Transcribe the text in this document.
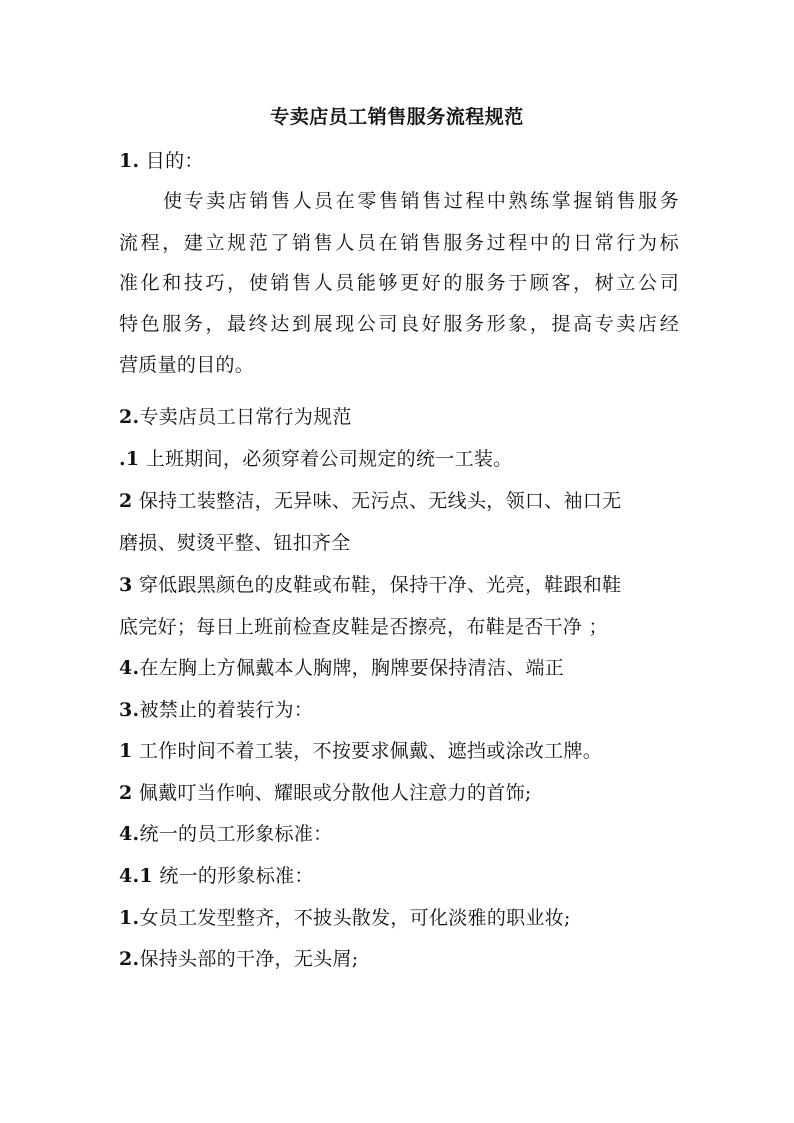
专卖店员工销售服务流程规范
1. 目的：
使专卖店销售人员在零售销售过程中熟练掌握销售服务
流程，建立规范了销售人员在销售服务过程中的日常行为标
准化和技巧，使销售人员能够更好的服务于顾客，树立公司
特色服务，最终达到展现公司良好服务形象，提高专卖店经
营质量的目的。
2.专卖店员工日常行为规范
.1 上班期间，必须穿着公司规定的统一工装。
2 保持工装整洁，无异味、无污点、无线头，领口、袖口无
磨损、熨烫平整、钮扣齐全
3 穿低跟黑颜色的皮鞋或布鞋，保持干净、光亮，鞋跟和鞋
底完好；每日上班前检查皮鞋是否擦亮，布鞋是否干净 ；
4.在左胸上方佩戴本人胸牌，胸牌要保持清洁、端正
3.被禁止的着装行为：
1 工作时间不着工装，不按要求佩戴、遮挡或涂改工牌。
2 佩戴叮当作响、耀眼或分散他人注意力的首饰;
4.统一的员工形象标准：
4.1 统一的形象标准：
1.女员工发型整齐，不披头散发，可化淡雅的职业妆;
2.保持头部的干净，无头屑;
